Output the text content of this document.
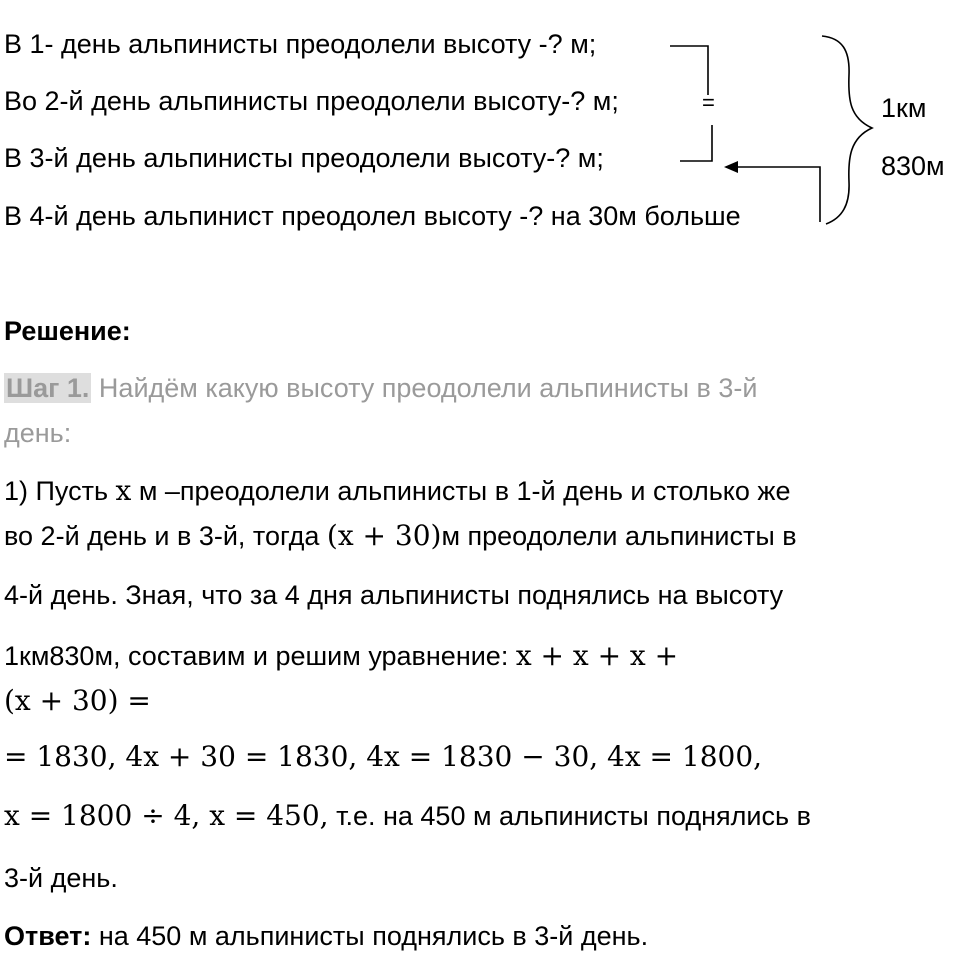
В 1- день альпинисты преодолели высоту -? м;
Во 2-й день альпинисты преодолели высоту-? м;
В 3-й день альпинисты преодолели высоту-? м;
В 4-й день альпинист преодолел высоту -? на 30м больше
=	1км
830м
Решение:
Шаг 1. Найдём какую высоту преодолели альпинисты в 3-й
день:
1) Пусть x м –преодолели альпинисты в 1-й день и столько же
во 2-й день и в 3-й, тогда (x + 30)м преодолели альпинисты в
4-й день. Зная, что за 4 дня альпинисты поднялись на высоту
1км830м, составим и решим уравнение: x + x + x +
(x + 30) =
= 1830, 4x + 30 = 1830, 4x = 1830 − 30, 4x = 1800,
x = 1800 ÷ 4, x = 450, т.е. на 450 м альпинисты поднялись в
3-й день.
Ответ: на 450 м альпинисты поднялись в 3-й день.
